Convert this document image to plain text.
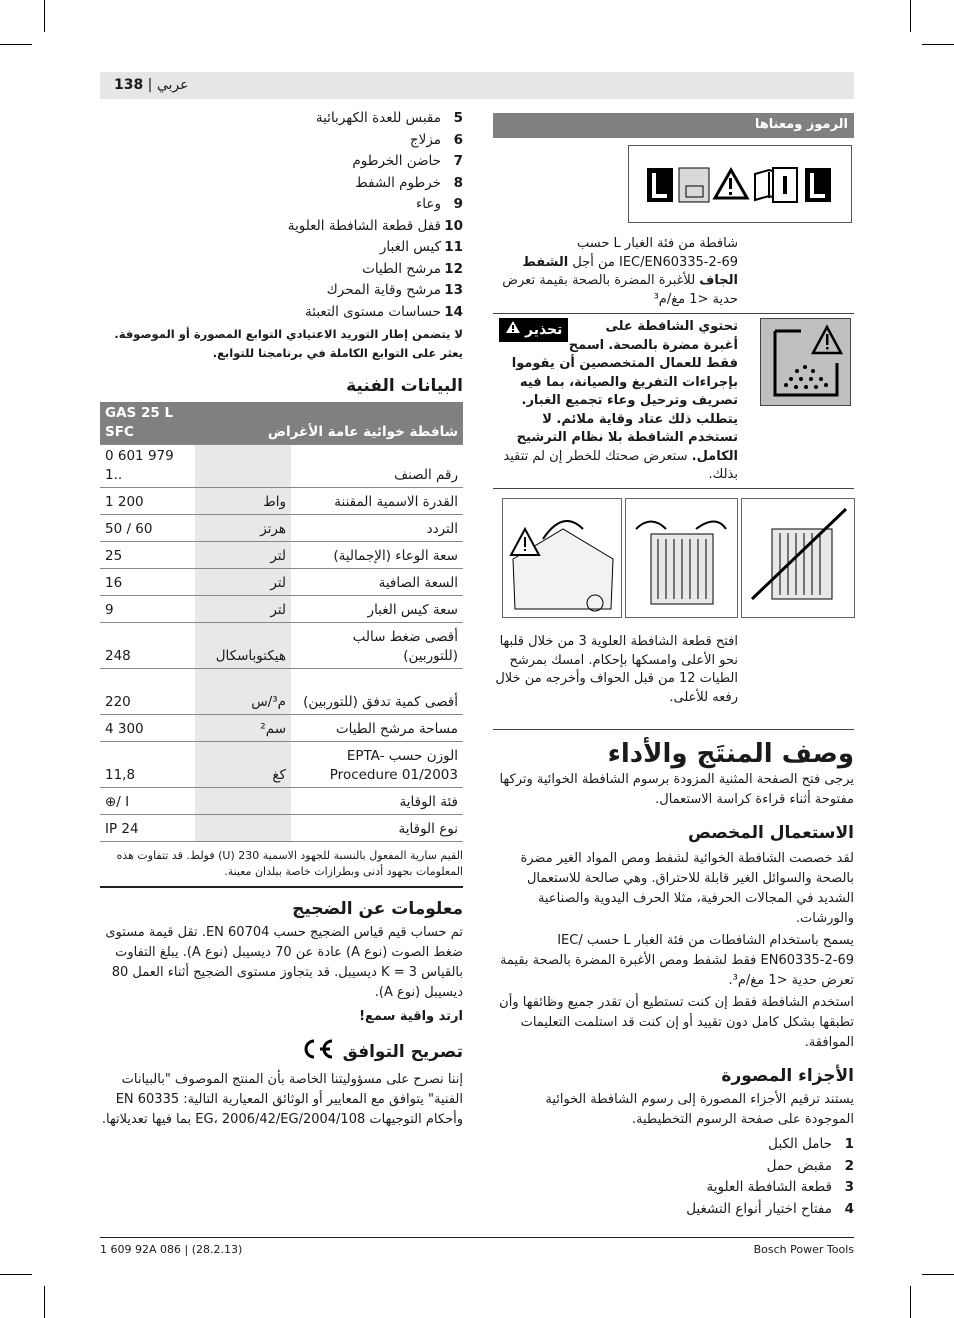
عربي | 138
5
مقبس للعدة الكهربائية
6
مزلاج
7
حاضن الخرطوم
8
خرطوم الشفط
9
وعاء
10
قفل قطعة الشافطة العلوية
11
كيس الغبار
12
مرشح الطيات
13
مرشح وقاية المحرك
14
حساسات مستوى التعبئة
لا يتضمن إطار التوريد الاعتيادي التوابع المصورة أو الموصوفة. يعثر على التوابع الكاملة في برنامجنا للتوابع.
البيانات الفنية
شافطة خوائية عامة الأغراض		GAS 25 L SFC
رقم الصنف		0 601 979 1..
القدرة الاسمية المقننة	واط	1 200
التردد	هرتز	50 / 60
سعة الوعاء (الإجمالية)	لتر	25
السعة الصافية	لتر	16
سعة كيس الغبار	لتر	9
أقصى ضغط سالب (للتوربين)	هيكتوباسكال	248
أقصى كمية تدفق (للتوربين)	م³/س	220
مساحة مرشح الطيات	سم²	4 300
الوزن حسب EPTA-Procedure 01/2003	كغ	11,8
فئة الوقاية		⊕/ I
نوع الوقاية		IP 24
القيم سارية المفعول بالنسبة للجهود الاسمية 230 (U) فولط. قد تتفاوت هذه المعلومات بجهود أدنى وبطرازات خاصة ببلدان معينة.
معلومات عن الضجيج
تم حساب قيم قياس الضجيج حسب EN 60704. تقل قيمة مستوى ضغط الصوت (نوع A) عادة عن 70 ديسيبل (نوع A). يبلغ التفاوت بالقياس K = 3 ديسيبل. قد يتجاوز مستوى الضجيج أثناء العمل 80 ديسيبل (نوع A).
ارتد واقية سمع!
تصريح التوافق
إننا نصرح على مسؤوليتنا الخاصة بأن المنتج الموصوف "بالبيانات الفنية" يتوافق مع المعايير أو الوثائق المعيارية التالية: EN 60335 وأحكام التوجيهات 2004/108/EG، 2006/42/EG بما فيها تعديلاتها.
الرموز ومعناها
شافطة من فئة الغبار L حسب IEC/EN60335-2-69 من أجل الشفط الجاف للأغبرة المضرة بالصحة بقيمة تعرض حدية <1 مغ/م³
تحذير	تحتوي الشافطة على أغبرة مضرة بالصحة. اسمح فقط للعمال المتخصصين أن يقوموا بإجراءات التفريغ والصيانة، بما فيه تصريف وترحيل وعاء تجميع الغبار. يتطلب ذلك عتاد وقاية ملائم. لا تستخدم الشافطة بلا نظام الترشيح الكامل. ستعرض صحتك للخطر إن لم تتقيد بذلك.
افتح قطعة الشافطة العلوية 3 من خلال قلبها نحو الأعلى وامسكها بإحكام. امسك بمرشح الطيات 12 من قبل الحواف وأخرجه من خلال رفعه للأعلى.
وصف المنتَج والأداء
يرجى فتح الصفحة المثنية المزودة برسوم الشافطة الخوائية وتركها مفتوحة أثناء قراءة كراسة الاستعمال.
الاستعمال المخصص
لقد خصصت الشافطة الخوائية لشفط ومص المواد الغير مضرة بالصحة والسوائل الغير قابلة للاحتراق. وهي صالحة للاستعمال الشديد في المجالات الحرفية، مثلا الحرف اليدوية والصناعية والورشات.
يسمح باستخدام الشافطات من فئة الغبار L حسب IEC/ EN60335-2-69 فقط لشفط ومص الأغبرة المضرة بالصحة بقيمة تعرض حدية <1 مغ/م³.
استخدم الشافطة فقط إن كنت تستطيع أن تقدر جميع وظائفها وأن تطبقها بشكل كامل دون تقييد أو إن كنت قد استلمت التعليمات الموافقة.
الأجزاء المصورة
يستند ترقيم الأجزاء المصورة إلى رسوم الشافطة الخوائية الموجودة على صفحة الرسوم التخطيطية.
1
حامل الكبل
2
مقبض حمل
3
قطعة الشافطة العلوية
4
مفتاح اختيار أنواع التشغيل
1 609 92A 086 | (28.2.13)	Bosch Power Tools
